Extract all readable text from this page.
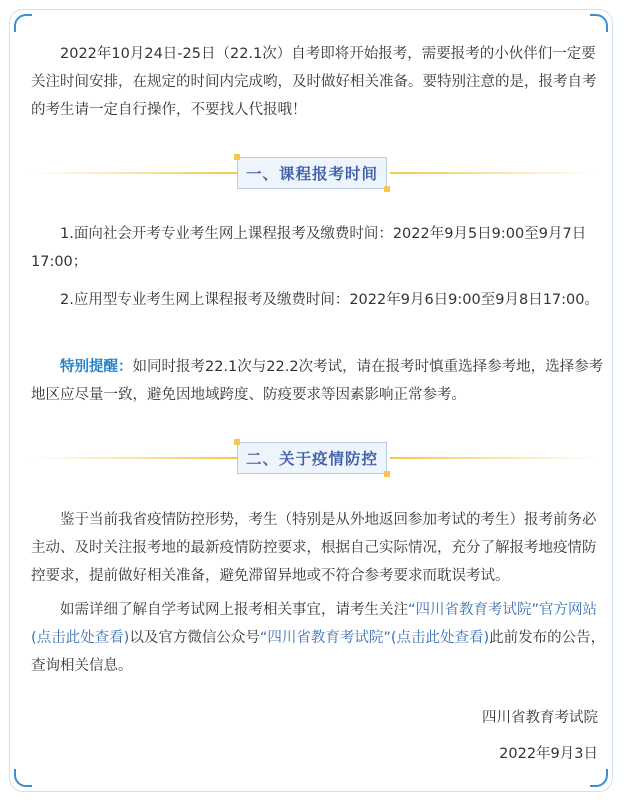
2022年10月24日-25日（22.1次）自考即将开始报考，需要报考的小伙伴们一定要关注时间安排，在规定的时间内完成哟，及时做好相关准备。要特别注意的是，报考自考的考生请一定自行操作，不要找人代报哦！

一、课程报考时间

1.面向社会开考专业考生网上课程报考及缴费时间：2022年9月5日9:00至9月7日17:00；

2.应用型专业考生网上课程报考及缴费时间：2022年9月6日9:00至9月8日17:00。

特别提醒：如同时报考22.1次与22.2次考试，请在报考时慎重选择参考地，选择参考地区应尽量一致，避免因地域跨度、防疫要求等因素影响正常参考。

二、关于疫情防控

鉴于当前我省疫情防控形势，考生（特别是从外地返回参加考试的考生）报考前务必主动、及时关注报考地的最新疫情防控要求，根据自己实际情况，充分了解报考地疫情防控要求，提前做好相关准备，避免滞留异地或不符合参考要求而耽误考试。

如需详细了解自学考试网上报考相关事宜，请考生关注“四川省教育考试院”官方网站(点击此处查看)以及官方微信公众号“四川省教育考试院”(点击此处查看)此前发布的公告，查询相关信息。

四川省教育考试院
2022年9月3日
